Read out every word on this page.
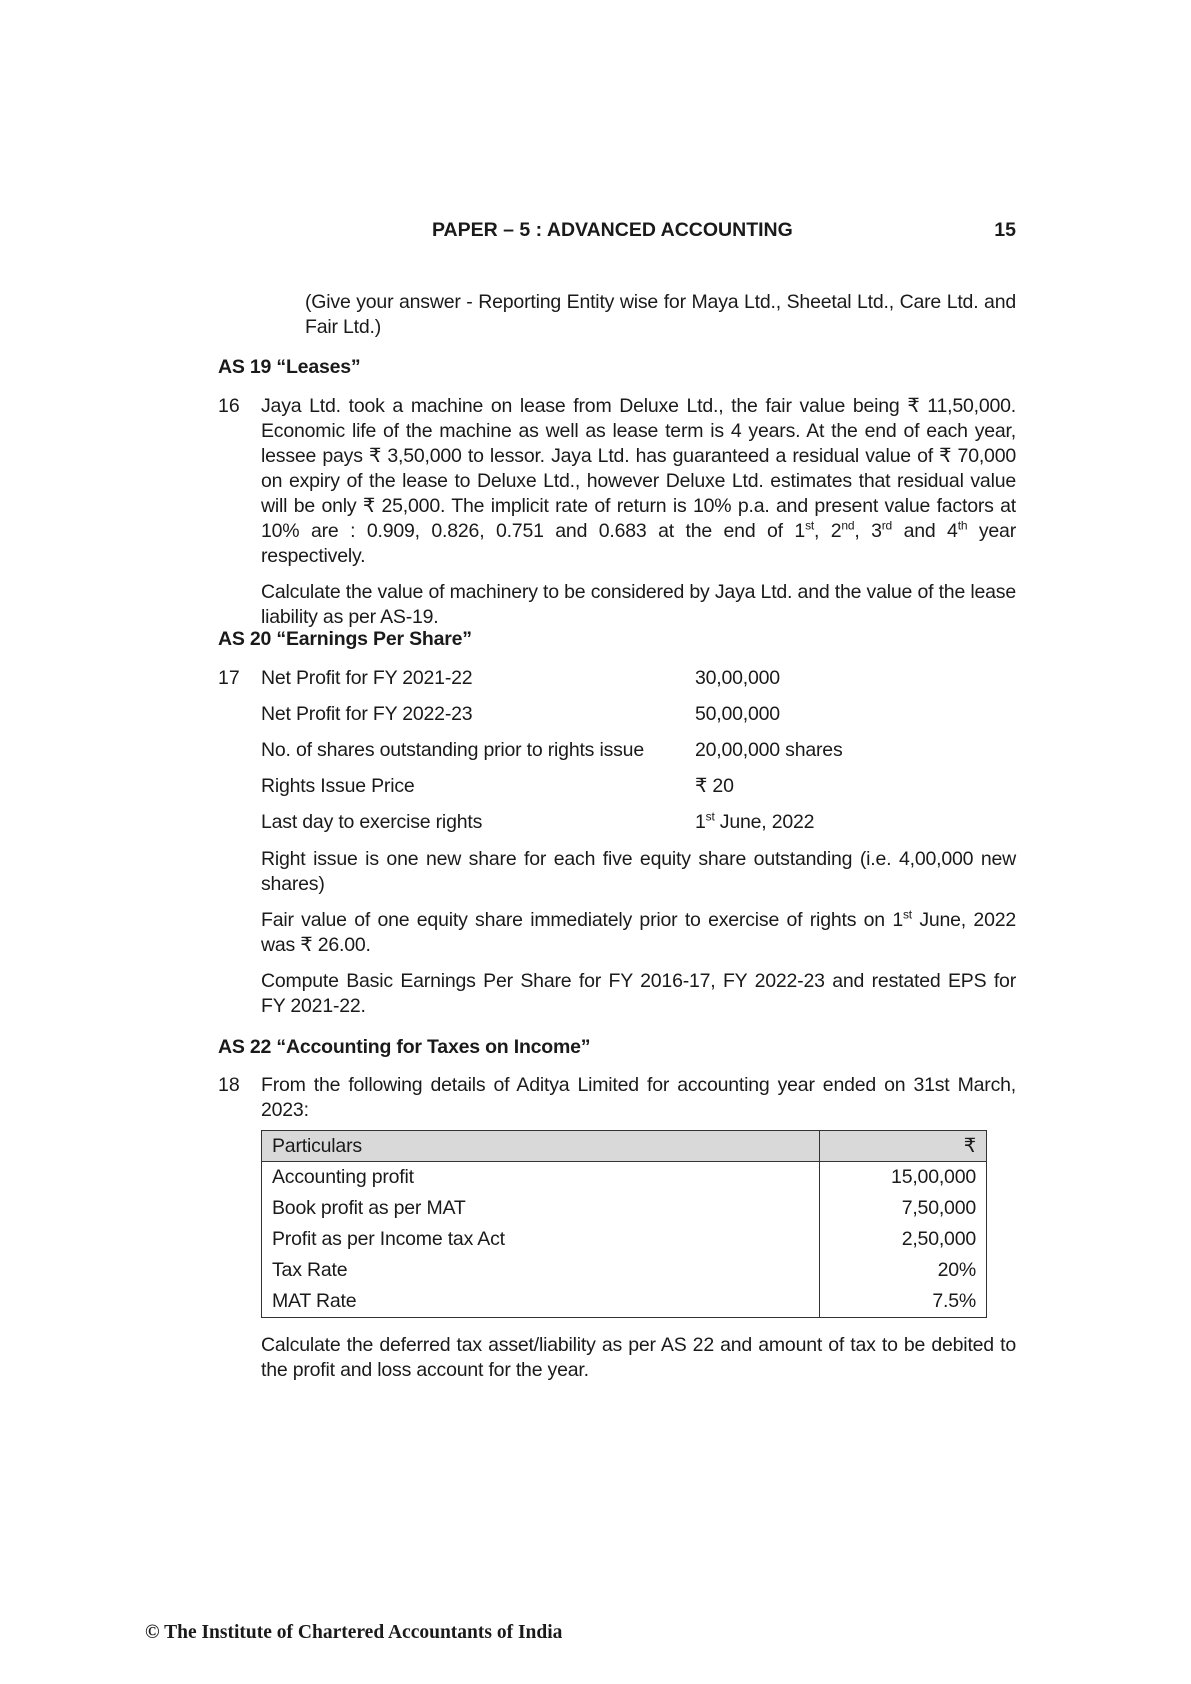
PAPER – 5 : ADVANCED ACCOUNTING	15

(Give your answer - Reporting Entity wise for Maya Ltd., Sheetal Ltd., Care Ltd. and Fair Ltd.)

AS 19 “Leases”
16 Jaya Ltd. took a machine on lease from Deluxe Ltd., the fair value being ₹ 11,50,000. Economic life of the machine as well as lease term is 4 years. At the end of each year, lessee pays ₹ 3,50,000 to lessor. Jaya Ltd. has guaranteed a residual value of ₹ 70,000 on expiry of the lease to Deluxe Ltd., however Deluxe Ltd. estimates that residual value will be only ₹ 25,000. The implicit rate of return is 10% p.a. and present value factors at 10% are : 0.909, 0.826, 0.751 and 0.683 at the end of 1st, 2nd, 3rd and 4th year respectively.

Calculate the value of machinery to be considered by Jaya Ltd. and the value of the lease liability as per AS-19.

AS 20 “Earnings Per Share”
17 Net Profit for FY 2021-22	30,00,000
Net Profit for FY 2022-23	50,00,000
No. of shares outstanding prior to rights issue	20,00,000 shares
Rights Issue Price	₹ 20
Last day to exercise rights	1st June, 2022

Right issue is one new share for each five equity share outstanding (i.e. 4,00,000 new shares)

Fair value of one equity share immediately prior to exercise of rights on 1st June, 2022 was ₹ 26.00.

Compute Basic Earnings Per Share for FY 2016-17, FY 2022-23 and restated EPS for FY 2021-22.

AS 22 “Accounting for Taxes on Income”
18 From the following details of Aditya Limited for accounting year ended on 31st March, 2023:

Particulars	₹
Accounting profit	15,00,000
Book profit as per MAT	7,50,000
Profit as per Income tax Act	2,50,000
Tax Rate	20%
MAT Rate	7.5%

Calculate the deferred tax asset/liability as per AS 22 and amount of tax to be debited to the profit and loss account for the year.

© The Institute of Chartered Accountants of India
